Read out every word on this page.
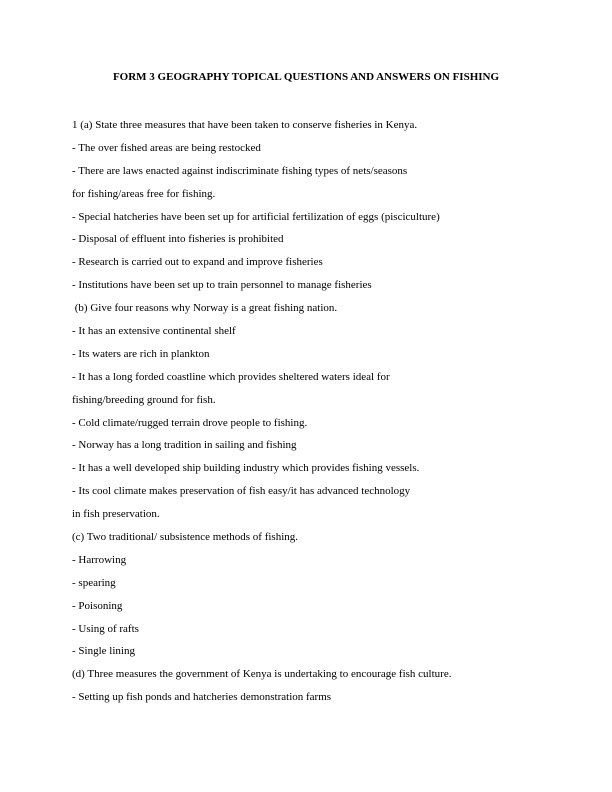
FORM 3 GEOGRAPHY TOPICAL QUESTIONS AND ANSWERS ON FISHING
1 (a) State three measures that have been taken to conserve fisheries in Kenya.
- The over fished areas are being restocked
- There are laws enacted against indiscriminate fishing types of nets/seasons
for fishing/areas free for fishing.
- Special hatcheries have been set up for artificial fertilization of eggs (pisciculture)
- Disposal of effluent into fisheries is prohibited
- Research is carried out to expand and improve fisheries
- Institutions have been set up to train personnel to manage fisheries
(b) Give four reasons why Norway is a great fishing nation.
- It has an extensive continental shelf
- Its waters are rich in plankton
- It has a long forded coastline which provides sheltered waters ideal for
fishing/breeding ground for fish.
- Cold climate/rugged terrain drove people to fishing.
- Norway has a long tradition in sailing and fishing
- It has a well developed ship building industry which provides fishing vessels.
- Its cool climate makes preservation of fish easy/it has advanced technology
in fish preservation.
(c) Two traditional/ subsistence methods of fishing.
- Harrowing
- spearing
- Poisoning
- Using of rafts
- Single lining
(d) Three measures the government of Kenya is undertaking to encourage fish culture.
- Setting up fish ponds and hatcheries demonstration farms
